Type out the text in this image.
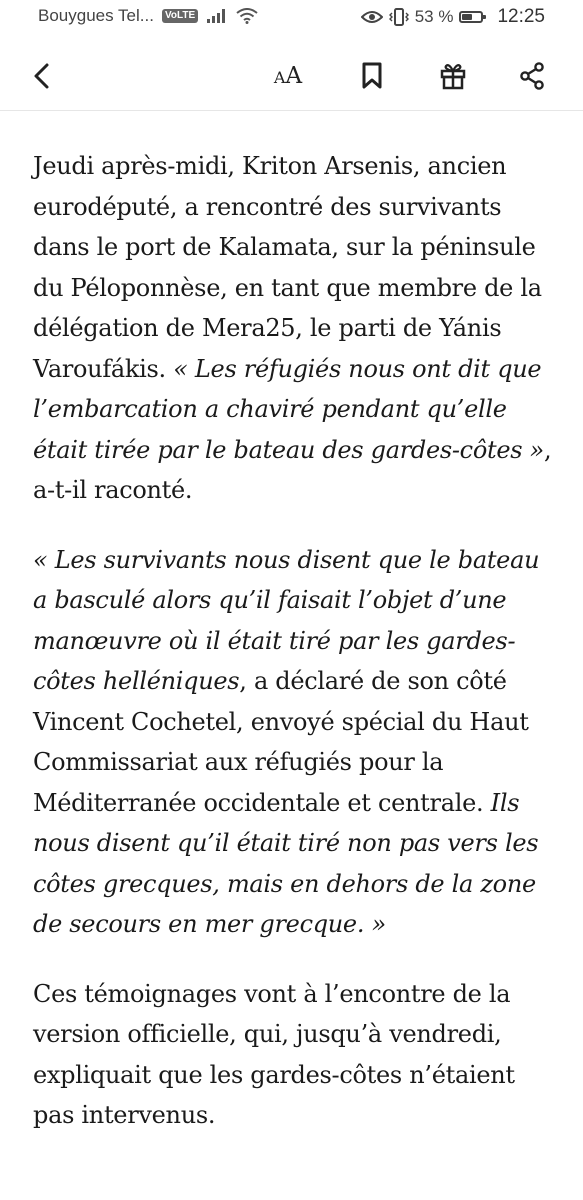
Bouygues Tel...	VoLTE	53 % 12:25
AA

Jeudi après-midi, Kriton Arsenis, ancien eurodéputé, a rencontré des survivants dans le port de Kalamata, sur la péninsule du Péloponnèse, en tant que membre de la délégation de Mera25, le parti de Yánis Varoufákis. « Les réfugiés nous ont dit que l’embarcation a chaviré pendant qu’elle était tirée par le bateau des gardes-côtes », a-t-il raconté.

« Les survivants nous disent que le bateau a basculé alors qu’il faisait l’objet d’une manœuvre où il était tiré par les gardes-côtes helléniques, a déclaré de son côté Vincent Cochetel, envoyé spécial du Haut Commissariat aux réfugiés pour la Méditerranée occidentale et centrale. Ils nous disent qu’il était tiré non pas vers les côtes grecques, mais en dehors de la zone de secours en mer grecque. »

Ces témoignages vont à l’encontre de la version officielle, qui, jusqu’à vendredi, expliquait que les gardes-côtes n’étaient pas intervenus.
